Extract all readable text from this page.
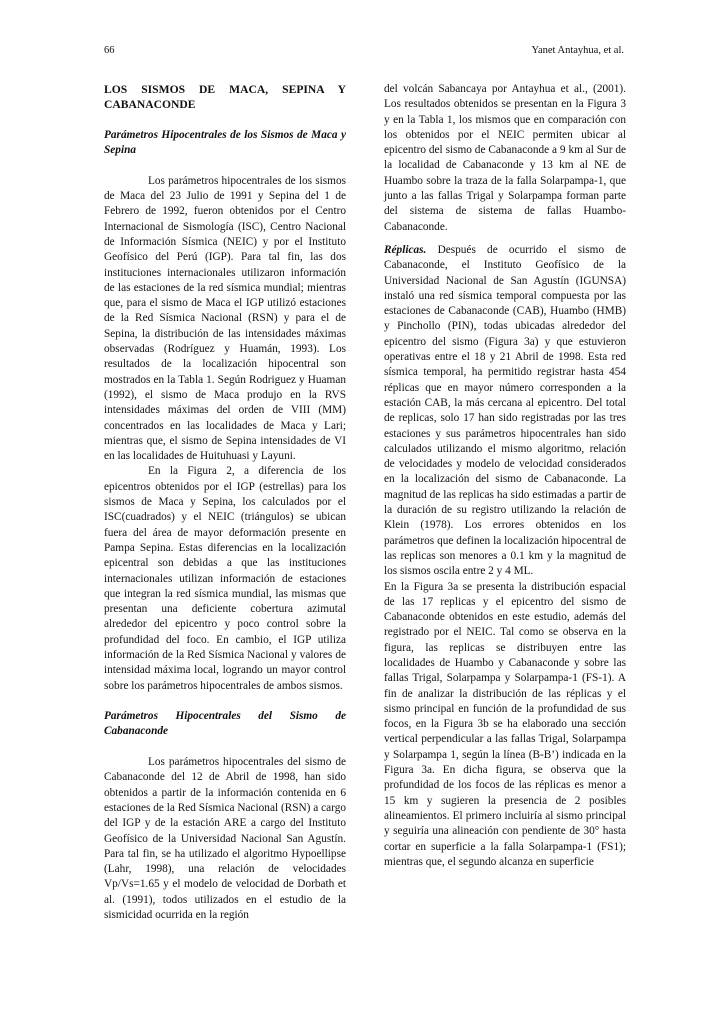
66	Yanet Antayhua, et al.

LOS SISMOS DE MACA, SEPINA Y CABANACONDE

Parámetros Hipocentrales de los Sismos de Maca y Sepina

Los parámetros hipocentrales de los sismos de Maca del 23 Julio de 1991 y Sepina del 1 de Febrero de 1992, fueron obtenidos por el Centro Internacional de Sismología (ISC), Centro Nacional de Información Sísmica (NEIC) y por el Instituto Geofísico del Perú (IGP). Para tal fin, las dos instituciones internacionales utilizaron información de las estaciones de la red sísmica mundial; mientras que, para el sismo de Maca el IGP utilizó estaciones de la Red Sísmica Nacional (RSN) y para el de Sepina, la distribución de las intensidades máximas observadas (Rodríguez y Huamán, 1993). Los resultados de la localización hipocentral son mostrados en la Tabla 1. Según Rodriguez y Huaman (1992), el sismo de Maca produjo en la RVS intensidades máximas del orden de VIII (MM) concentrados en las localidades de Maca y Lari; mientras que, el sismo de Sepina intensidades de VI en las localidades de Huituhuasi y Layuni.

En la Figura 2, a diferencia de los epicentros obtenidos por el IGP (estrellas) para los sismos de Maca y Sepina, los calculados por el ISC(cuadrados) y el NEIC (triángulos) se ubican fuera del área de mayor deformación presente en Pampa Sepina. Estas diferencias en la localización epicentral son debidas a que las instituciones internacionales utilizan información de estaciones que integran la red sísmica mundial, las mismas que presentan una deficiente cobertura azimutal alrededor del epicentro y poco control sobre la profundidad del foco. En cambio, el IGP utiliza información de la Red Sísmica Nacional y valores de intensidad máxima local, logrando un mayor control sobre los parámetros hipocentrales de ambos sismos.

Parámetros Hipocentrales del Sismo de Cabanaconde

Los parámetros hipocentrales del sismo de Cabanaconde del 12 de Abril de 1998, han sido obtenidos a partir de la información contenida en 6 estaciones de la Red Sísmica Nacional (RSN) a cargo del IGP y de la estación ARE a cargo del Instituto Geofísico de la Universidad Nacional San Agustín. Para tal fin, se ha utilizado el algoritmo Hypoellipse (Lahr, 1998), una relación de velocidades Vp/Vs=1.65 y el modelo de velocidad de Dorbath et al. (1991), todos utilizados en el estudio de la sismicidad ocurrida en la región

del volcán Sabancaya por Antayhua et al., (2001). Los resultados obtenidos se presentan en la Figura 3 y en la Tabla 1, los mismos que en comparación con los obtenidos por el NEIC permiten ubicar al epicentro del sismo de Cabanaconde a 9 km al Sur de la localidad de Cabanaconde y 13 km al NE de Huambo sobre la traza de la falla Solarpampa-1, que junto a las fallas Trigal y Solarpampa forman parte del sistema de sistema de fallas Huambo-Cabanaconde.

Réplicas. Después de ocurrido el sismo de Cabanaconde, el Instituto Geofísico de la Universidad Nacional de San Agustín (IGUNSA) instaló una red sísmica temporal compuesta por las estaciones de Cabanaconde (CAB), Huambo (HMB) y Pinchollo (PIN), todas ubicadas alrededor del epicentro del sismo (Figura 3a) y que estuvieron operativas entre el 18 y 21 Abril de 1998. Esta red sísmica temporal, ha permitido registrar hasta 454 réplicas que en mayor número corresponden a la estación CAB, la más cercana al epicentro. Del total de replicas, solo 17 han sido registradas por las tres estaciones y sus parámetros hipocentrales han sido calculados utilizando el mismo algoritmo, relación de velocidades y modelo de velocidad considerados en la localización del sismo de Cabanaconde. La magnitud de las replicas ha sido estimadas a partir de la duración de su registro utilizando la relación de Klein (1978). Los errores obtenidos en los parámetros que definen la localización hipocentral de las replicas son menores a 0.1 km y la magnitud de los sismos oscila entre 2 y 4 ML.

En la Figura 3a se presenta la distribución espacial de las 17 replicas y el epicentro del sismo de Cabanaconde obtenidos en este estudio, además del registrado por el NEIC. Tal como se observa en la figura, las replicas se distribuyen entre las localidades de Huambo y Cabanaconde y sobre las fallas Trigal, Solarpampa y Solarpampa-1 (FS-1). A fin de analizar la distribución de las réplicas y el sismo principal en función de la profundidad de sus focos, en la Figura 3b se ha elaborado una sección vertical perpendicular a las fallas Trigal, Solarpampa y Solarpampa 1, según la línea (B-B’) indicada en la Figura 3a. En dicha figura, se observa que la profundidad de los focos de las réplicas es menor a 15 km y sugieren la presencia de 2 posibles alineamientos. El primero incluiría al sismo principal y seguiría una alineación con pendiente de 30° hasta cortar en superficie a la falla Solarpampa-1 (FS1); mientras que, el segundo alcanza en superficie
